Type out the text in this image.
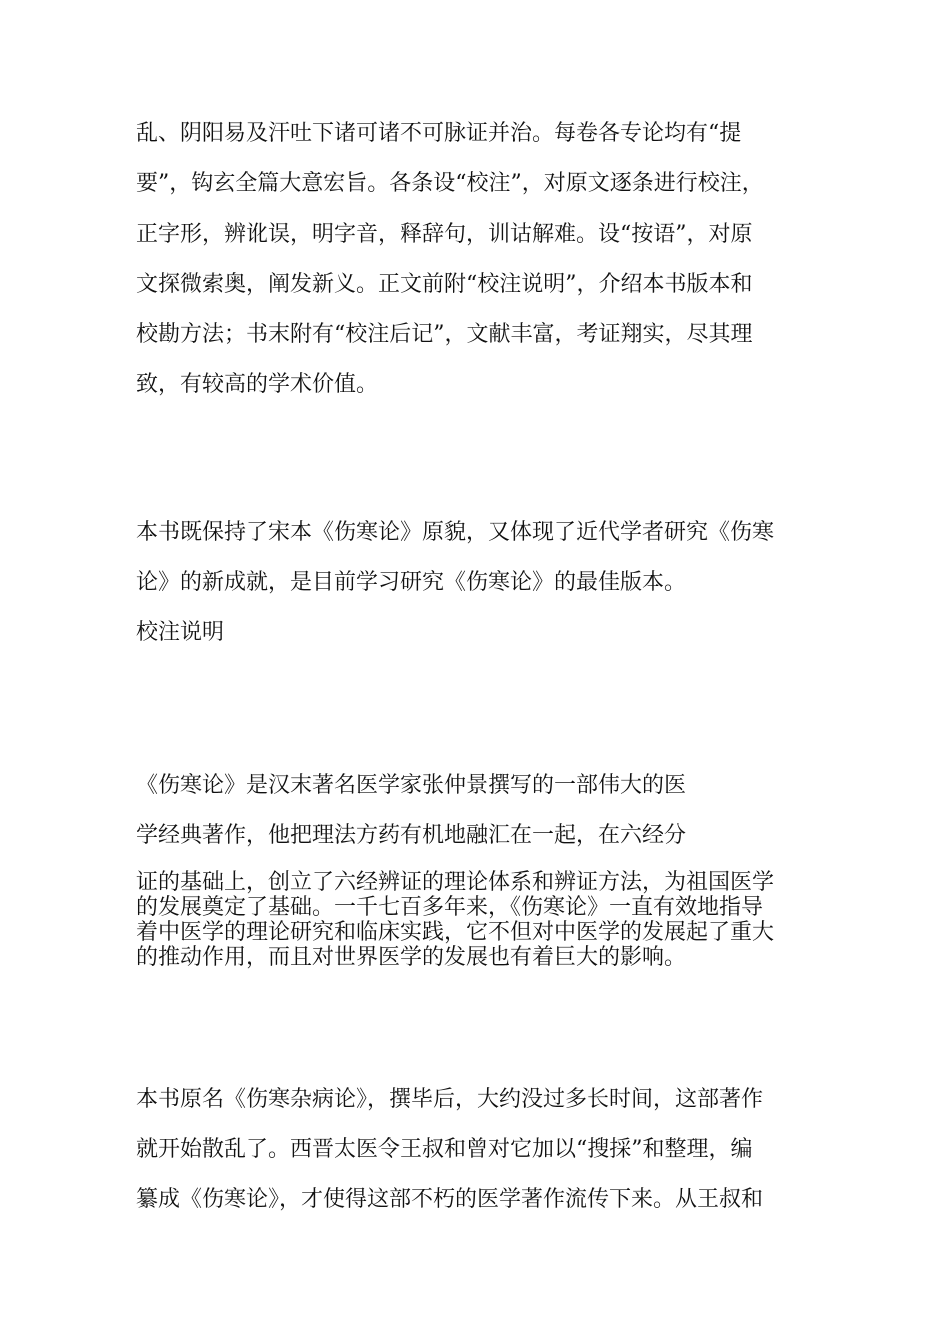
乱、阴阳易及汗吐下诸可诸不可脉证并治。每卷各专论均有“提

要”，钩玄全篇大意宏旨。各条设“校注”，对原文逐条进行校注，

正字形，辨讹误，明字音，释辞句，训诂解难。设“按语”，对原

文探微索奥，阐发新义。正文前附“校注说明”，介绍本书版本和

校勘方法；书末附有“校注后记”，文献丰富，考证翔实，尽其理

致，有较高的学术价值。

本书既保持了宋本《伤寒论》原貌，又体现了近代学者研究《伤寒

论》的新成就，是目前学习研究《伤寒论》的最佳版本。

校注说明

《伤寒论》是汉末著名医学家张仲景撰写的一部伟大的医

学经典著作，他把理法方药有机地融汇在一起，在六经分

证的基础上，创立了六经辨证的理论体系和辨证方法，为祖国医学
的发展奠定了基础。一千七百多年来，《伤寒论》一直有效地指导
着中医学的理论研究和临床实践，它不但对中医学的发展起了重大
的推动作用，而且对世界医学的发展也有着巨大的影响。

本书原名《伤寒杂病论》，撰毕后，大约没过多长时间，这部著作

就开始散乱了。西晋太医令王叔和曾对它加以“搜採”和整理，编

纂成《伤寒论》，才使得这部不朽的医学著作流传下来。从王叔和
